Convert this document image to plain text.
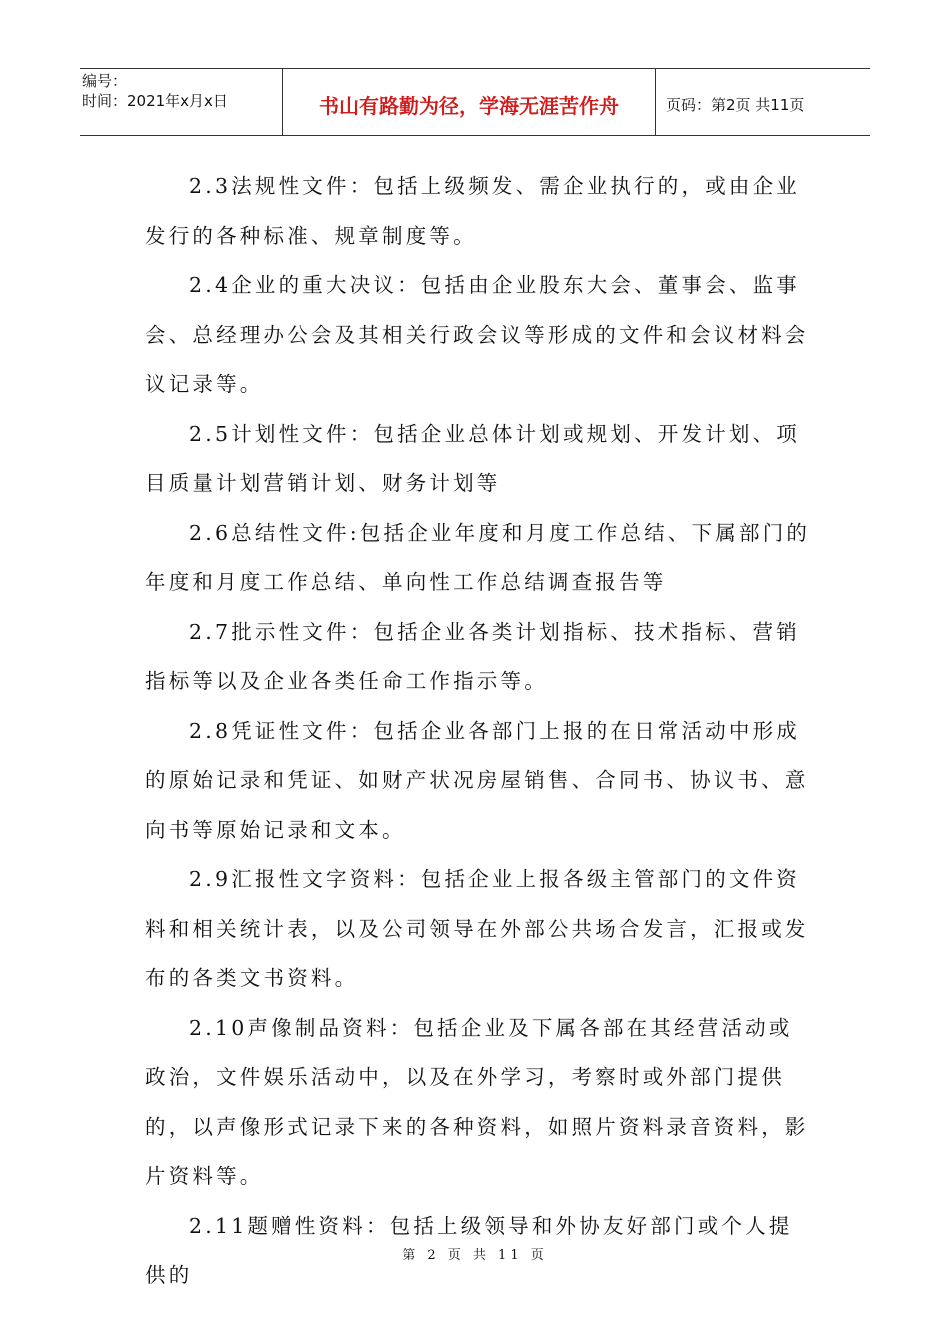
编号：
时间：2021年x月x日	书山有路勤为径，学海无涯苦作舟	页码：第2页 共11页

2.3法规性文件：包括上级频发、需企业执行的，或由企业发行的各种标准、规章制度等。

2.4企业的重大决议：包括由企业股东大会、董事会、监事会、总经理办公会及其相关行政会议等形成的文件和会议材料会议记录等。

2.5计划性文件：包括企业总体计划或规划、开发计划、项目质量计划营销计划、财务计划等

2.6总结性文件:包括企业年度和月度工作总结、下属部门的年度和月度工作总结、单向性工作总结调查报告等

2.7批示性文件：包括企业各类计划指标、技术指标、营销指标等以及企业各类任命工作指示等。

2.8凭证性文件：包括企业各部门上报的在日常活动中形成的原始记录和凭证、如财产状况房屋销售、合同书、协议书、意向书等原始记录和文本。

2.9汇报性文字资料：包括企业上报各级主管部门的文件资料和相关统计表，以及公司领导在外部公共场合发言，汇报或发布的各类文书资料。

2.10声像制品资料：包括企业及下属各部在其经营活动或政治，文件娱乐活动中，以及在外学习，考察时或外部门提供的，以声像形式记录下来的各种资料，如照片资料录音资料，影片资料等。

2.11题赠性资料：包括上级领导和外协友好部门或个人提供的

第 2 页 共 11 页
